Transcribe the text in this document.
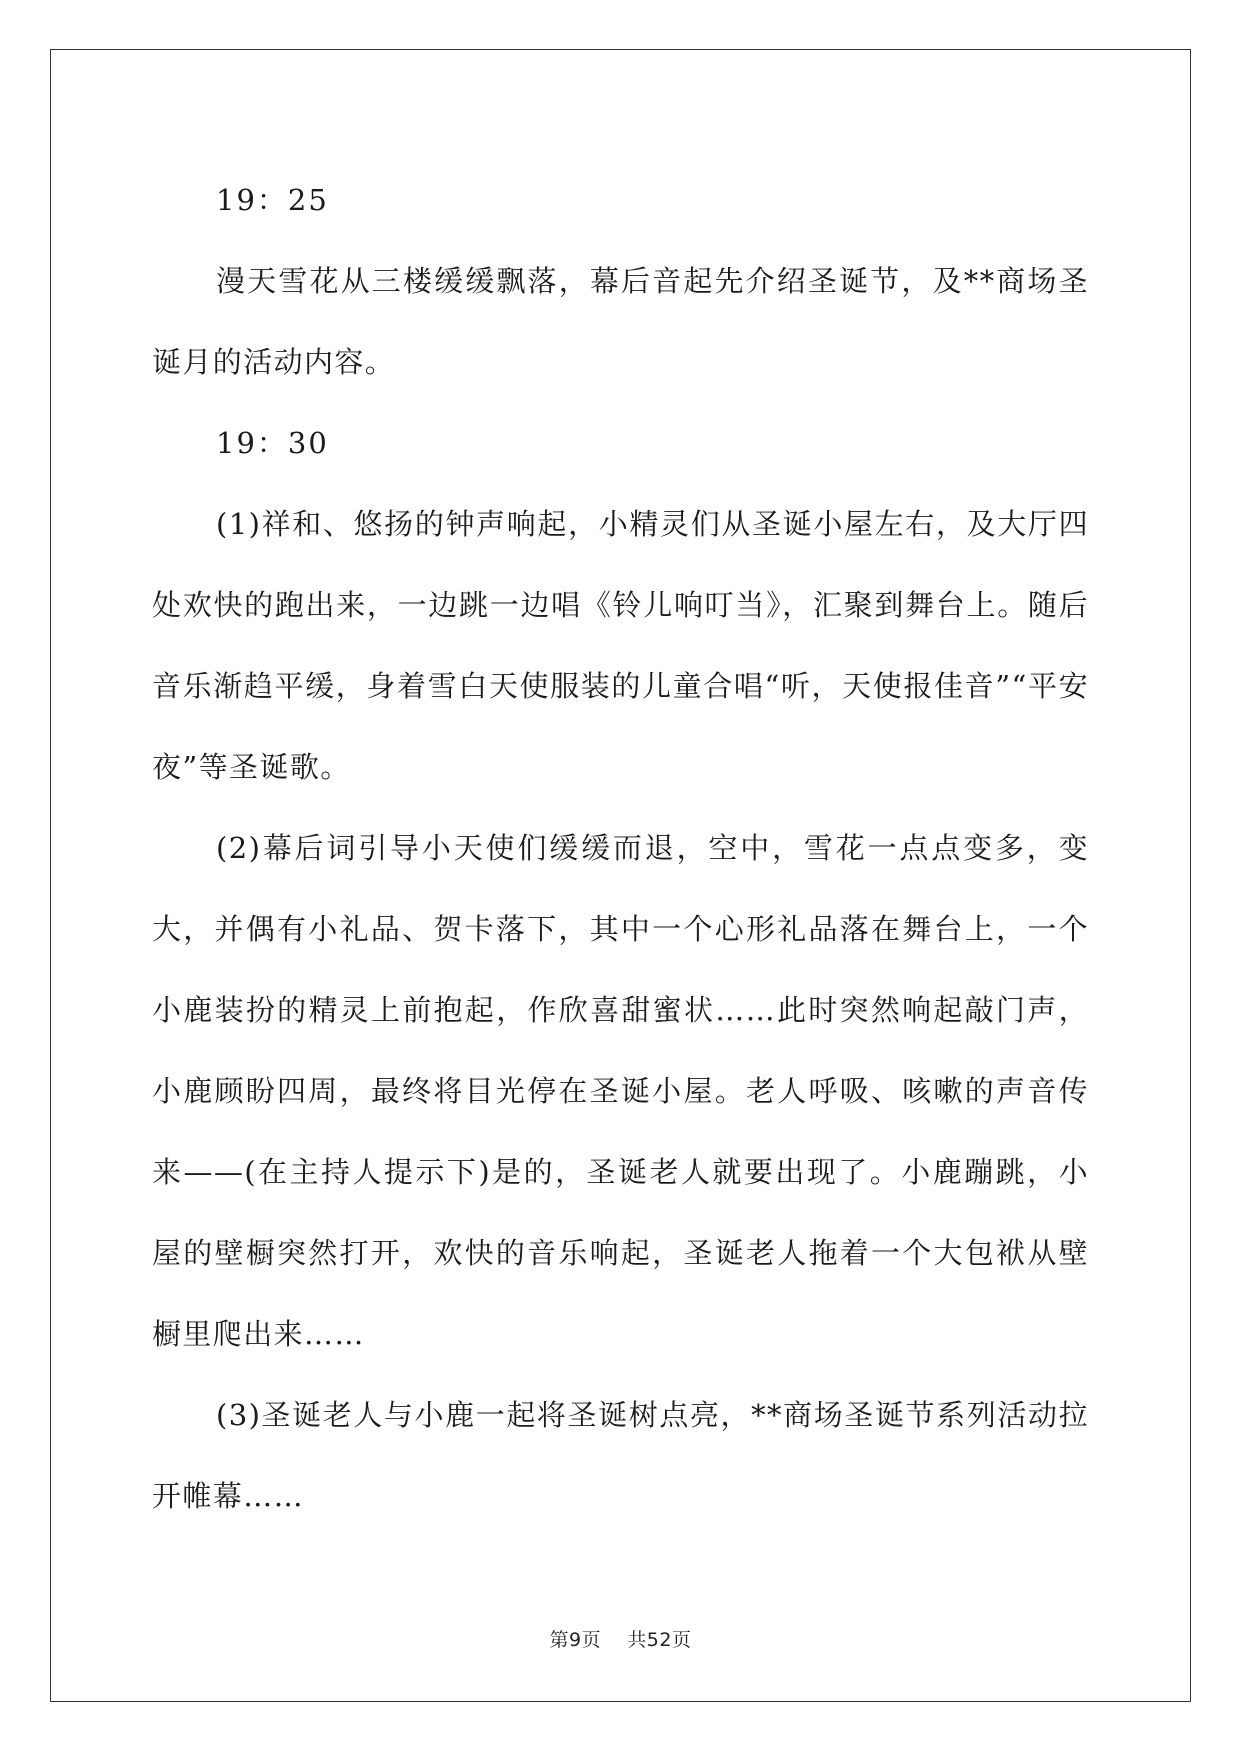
19：25

漫天雪花从三楼缓缓飘落，幕后音起先介绍圣诞节，及**商场圣诞月的活动内容。

19：30

(1)祥和、悠扬的钟声响起，小精灵们从圣诞小屋左右，及大厅四处欢快的跑出来，一边跳一边唱《铃儿响叮当》，汇聚到舞台上。随后音乐渐趋平缓，身着雪白天使服装的儿童合唱“听，天使报佳音”“平安夜”等圣诞歌。

(2)幕后词引导小天使们缓缓而退，空中，雪花一点点变多，变大，并偶有小礼品、贺卡落下，其中一个心形礼品落在舞台上，一个小鹿装扮的精灵上前抱起，作欣喜甜蜜状……此时突然响起敲门声，小鹿顾盼四周，最终将目光停在圣诞小屋。老人呼吸、咳嗽的声音传来——(在主持人提示下)是的，圣诞老人就要出现了。小鹿蹦跳，小屋的壁橱突然打开，欢快的音乐响起，圣诞老人拖着一个大包袱从壁橱里爬出来……

(3)圣诞老人与小鹿一起将圣诞树点亮，**商场圣诞节系列活动拉开帷幕……

第9页 共52页
